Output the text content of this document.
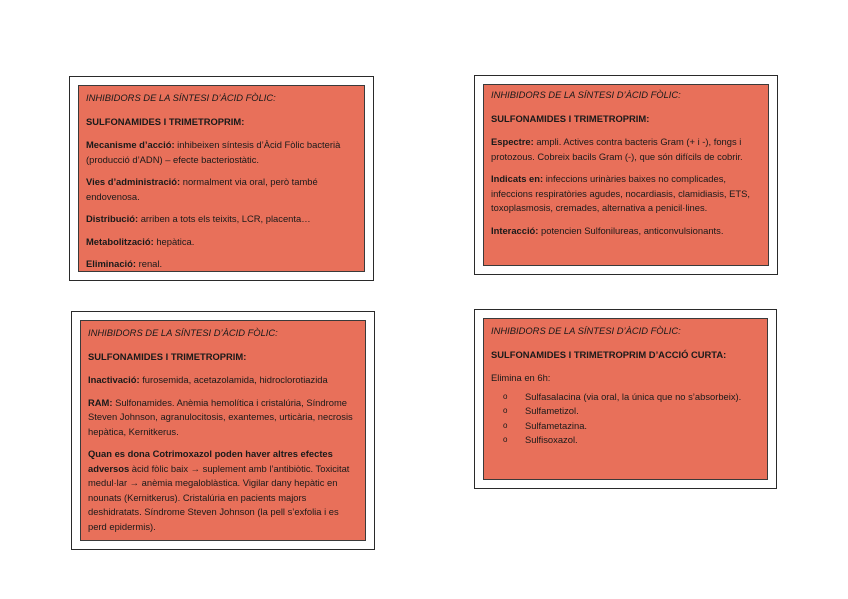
INHIBIDORS DE LA SÍNTESI D’ÀCID FÒLIC:

SULFONAMIDES I TRIMETROPRIM:

Mecanisme d’acció: inhibeixen síntesis d’Àcid Fòlic bacterià (producció d’ADN) – efecte bacteriostàtic.

Vies d’administració: normalment via oral, però també endovenosa.

Distribució: arriben a tots els teixits, LCR, placenta…

Metabolització: hepàtica.

Eliminació: renal.

INHIBIDORS DE LA SÍNTESI D’ÀCID FÒLIC:

SULFONAMIDES I TRIMETROPRIM:

Espectre: ampli. Actives contra bacteris Gram (+ i -), fongs i protozous. Cobreix bacils Gram (-), que són difícils de cobrir.

Indicats en: infeccions urinàries baixes no complicades, infeccions respiratòries agudes, nocardiasis, clamidiasis, ETS, toxoplasmosis, cremades, alternativa a penicil·lines.

Interacció: potencien Sulfonilureas, anticonvulsionants.

INHIBIDORS DE LA SÍNTESI D’ÀCID FÒLIC:

SULFONAMIDES I TRIMETROPRIM:

Inactivació: furosemida, acetazolamida, hidroclorotiazida

RAM: Sulfonamides. Anèmia hemolítica i cristalúria, Síndrome Steven Johnson, agranulocitosis, exantemes, urticària, necrosis hepàtica, Kernitkerus.

Quan es dona Cotrimoxazol poden haver altres efectes adversos àcid fòlic baix → suplement amb l’antibiòtic. Toxicitat medul·lar → anèmia megaloblàstica. Vigilar dany hepàtic en nounats (Kernitkerus). Cristalúria en pacients majors deshidratats. Síndrome Steven Johnson (la pell s’exfolia i es perd epidermis).

INHIBIDORS DE LA SÍNTESI D’ÀCID FÒLIC:

SULFONAMIDES I TRIMETROPRIM D’ACCIÓ CURTA:

Elimina en 6h:

o Sulfasalacina (via oral, la única que no s’absorbeix).
o Sulfametizol.
o Sulfametazina.
o Sulfisoxazol.
